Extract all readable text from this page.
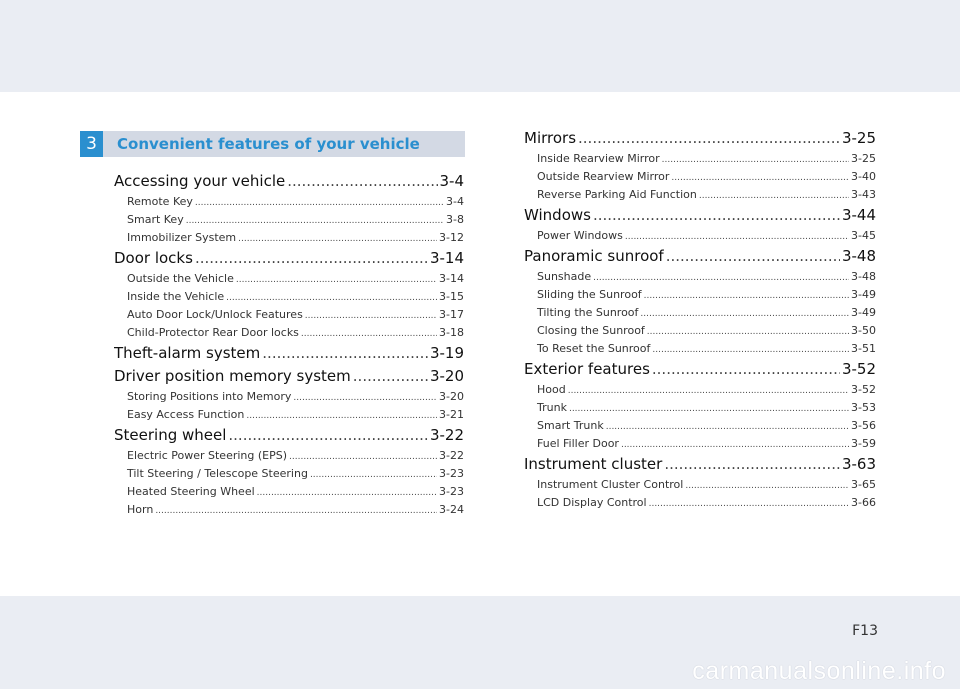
3	Convenient features of your vehicle
Accessing your vehicle .....	3-4
Remote Key .....	3-4
Smart Key .....	3-8
Immobilizer System .....	3-12
Door locks .....	3-14
Outside the Vehicle .....	3-14
Inside the Vehicle .....	3-15
Auto Door Lock/Unlock Features .....	3-17
Child-Protector Rear Door locks .....	3-18
Theft-alarm system .....	3-19
Driver position memory system .....	3-20
Storing Positions into Memory .....	3-20
Easy Access Function .....	3-21
Steering wheel .....	3-22
Electric Power Steering (EPS) .....	3-22
Tilt Steering / Telescope Steering .....	3-23
Heated Steering Wheel .....	3-23
Horn .....	3-24
Mirrors .....	3-25
Inside Rearview Mirror .....	3-25
Outside Rearview Mirror .....	3-40
Reverse Parking Aid Function .....	3-43
Windows .....	3-44
Power Windows .....	3-45
Panoramic sunroof .....	3-48
Sunshade .....	3-48
Sliding the Sunroof .....	3-49
Tilting the Sunroof .....	3-49
Closing the Sunroof .....	3-50
To Reset the Sunroof .....	3-51
Exterior features .....	3-52
Hood .....	3-52
Trunk .....	3-53
Smart Trunk .....	3-56
Fuel Filler Door .....	3-59
Instrument cluster .....	3-63
Instrument Cluster Control .....	3-65
LCD Display Control .....	3-66
F13
carmanualsonline.info
